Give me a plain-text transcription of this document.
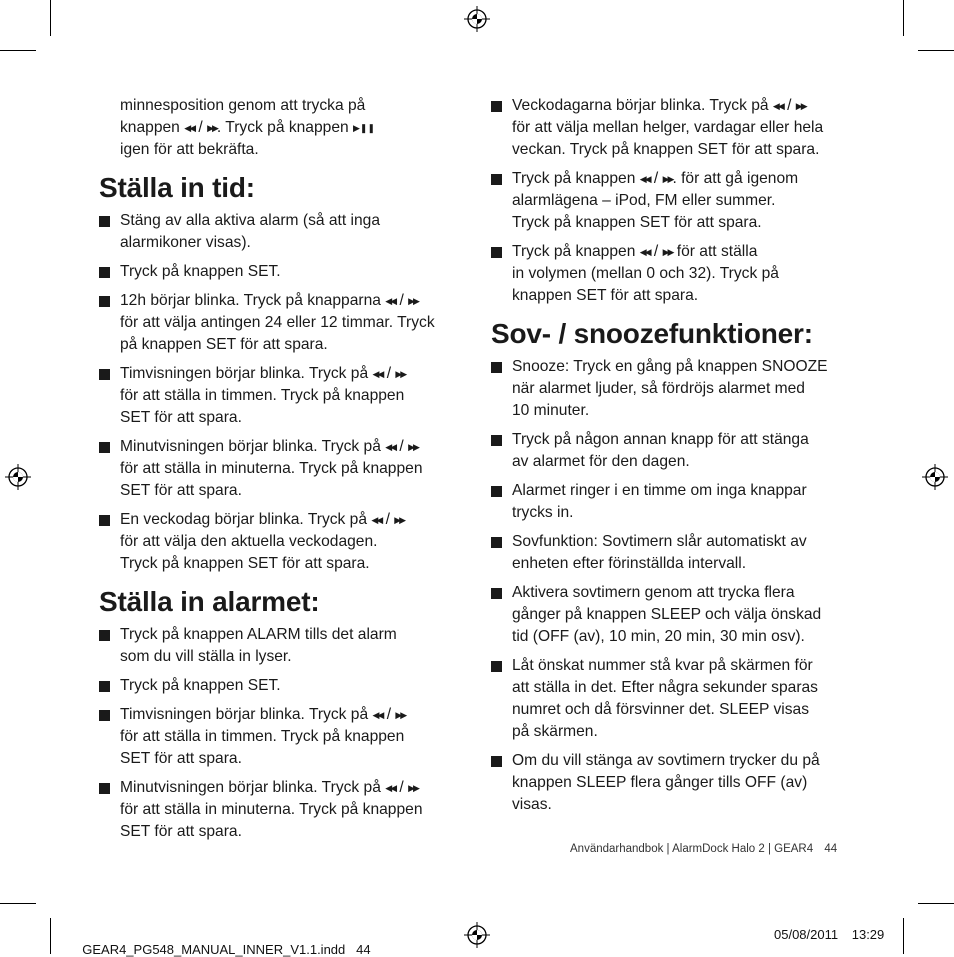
minnesposition genom att trycka på
knappen ◀◀ / ▶▶. Tryck på knappen ▶❚❚
igen för att bekräfta.

Ställa in tid:
Stäng av alla aktiva alarm (så att inga
alarmikoner visas).
Tryck på knappen SET.
12h börjar blinka. Tryck på knapparna ◀◀ / ▶▶
för att välja antingen 24 eller 12 timmar. Tryck
på knappen SET för att spara.
Timvisningen börjar blinka. Tryck på ◀◀ / ▶▶
för att ställa in timmen. Tryck på knappen
SET för att spara.
Minutvisningen börjar blinka. Tryck på ◀◀ / ▶▶
för att ställa in minuterna. Tryck på knappen
SET för att spara.
En veckodag börjar blinka. Tryck på ◀◀ / ▶▶
för att välja den aktuella veckodagen.
Tryck på knappen SET för att spara.
Ställa in alarmet:
Tryck på knappen ALARM tills det alarm
som du vill ställa in lyser.
Tryck på knappen SET.
Timvisningen börjar blinka. Tryck på ◀◀ / ▶▶
för att ställa in timmen. Tryck på knappen
SET för att spara.
Minutvisningen börjar blinka. Tryck på ◀◀ / ▶▶
för att ställa in minuterna. Tryck på knappen
SET för att spara.
Veckodagarna börjar blinka. Tryck på ◀◀ / ▶▶
för att välja mellan helger, vardagar eller hela
veckan. Tryck på knappen SET för att spara.
Tryck på knappen ◀◀ / ▶▶. för att gå igenom
alarmlägena – iPod, FM eller summer.
Tryck på knappen SET för att spara.
Tryck på knappen ◀◀ / ▶▶ för att ställa
in volymen (mellan 0 och 32). Tryck på
knappen SET för att spara.
Sov- / snoozefunktioner:
Snooze: Tryck en gång på knappen SNOOZE
när alarmet ljuder, så fördröjs alarmet med
10 minuter.
Tryck på någon annan knapp för att stänga
av alarmet för den dagen.
Alarmet ringer i en timme om inga knappar
trycks in.
Sovfunktion: Sovtimern slår automatiskt av
enheten efter förinställda intervall.
Aktivera sovtimern genom att trycka flera
gånger på knappen SLEEP och välja önskad
tid (OFF (av), 10 min, 20 min, 30 min osv).
Låt önskat nummer stå kvar på skärmen för
att ställa in det. Efter några sekunder sparas
numret och då försvinner det. SLEEP visas
på skärmen.
Om du vill stänga av sovtimern trycker du på
knappen SLEEP flera gånger tills OFF (av)
visas.
Användarhandbok | AlarmDock Halo 2 | GEAR4 44

GEAR4_PG548_MANUAL_INNER_V1.1.indd   44

05/08/2011 13:29
